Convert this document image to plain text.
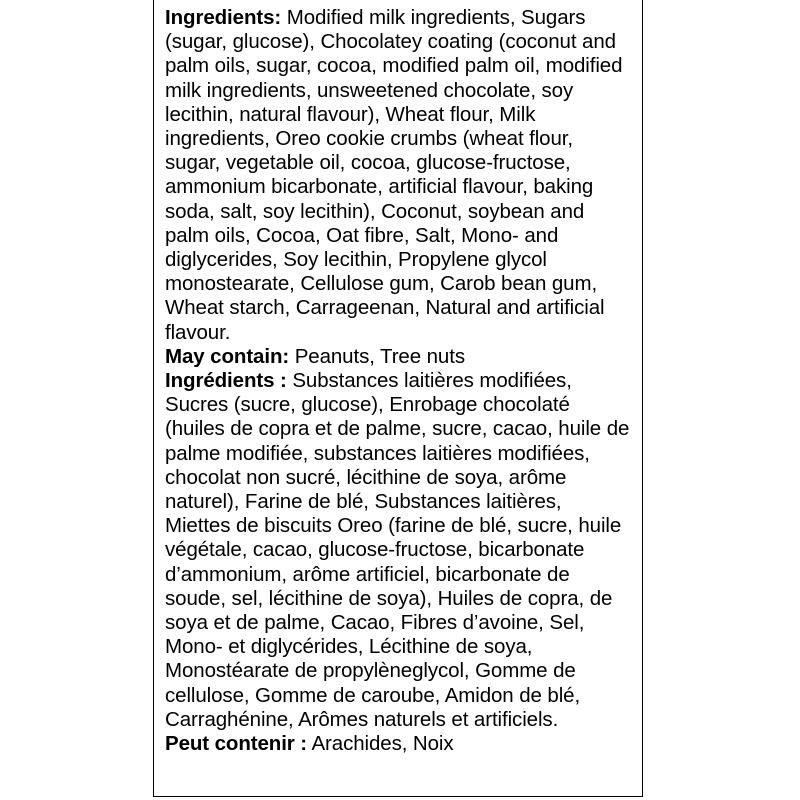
Ingredients: Modified milk ingredients, Sugars (sugar, glucose), Chocolatey coating (coconut and palm oils, sugar, cocoa, modified palm oil, modified milk ingredients, unsweetened chocolate, soy lecithin, natural flavour), Wheat flour, Milk ingredients, Oreo cookie crumbs (wheat flour, sugar, vegetable oil, cocoa, glucose-fructose, ammonium bicarbonate, artificial flavour, baking soda, salt, soy lecithin), Coconut, soybean and palm oils, Cocoa, Oat fibre, Salt, Mono- and diglycerides, Soy lecithin, Propylene glycol monostearate, Cellulose gum, Carob bean gum, Wheat starch, Carrageenan, Natural and artificial flavour.

May contain: Peanuts, Tree nuts

Ingrédients : Substances laitières modifiées, Sucres (sucre, glucose), Enrobage chocolaté (huiles de copra et de palme, sucre, cacao, huile de palme modifiée, substances laitières modifiées, chocolat non sucré, lécithine de soya, arôme naturel), Farine de blé, Substances laitières, Miettes de biscuits Oreo (farine de blé, sucre, huile végétale, cacao, glucose-fructose, bicarbonate d’ammonium, arôme artificiel, bicarbonate de soude, sel, lécithine de soya), Huiles de copra, de soya et de palme, Cacao, Fibres d’avoine, Sel, Mono- et diglycérides, Lécithine de soya, Monostéarate de propylèneglycol, Gomme de cellulose, Gomme de caroube, Amidon de blé, Carraghénine, Arômes naturels et artificiels.

Peut contenir : Arachides, Noix
